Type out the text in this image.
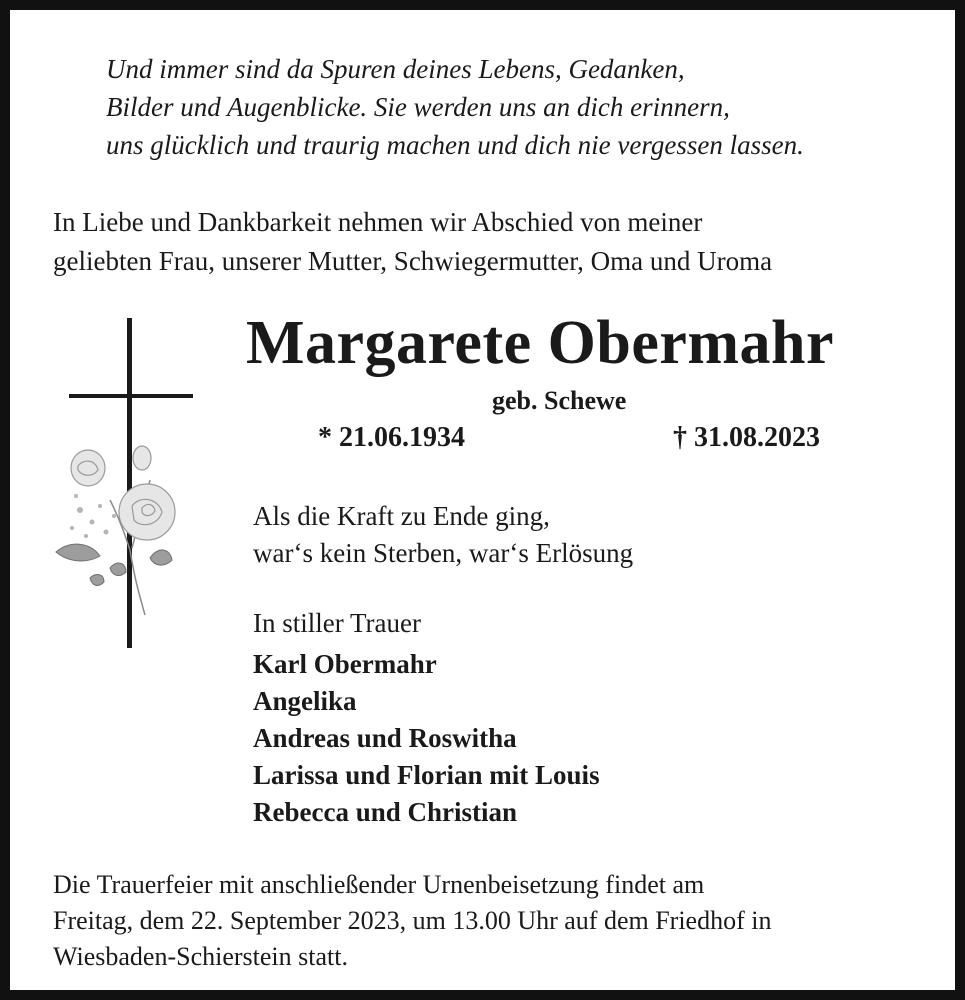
Und immer sind da Spuren deines Lebens, Gedanken,
Bilder und Augenblicke. Sie werden uns an dich erinnern,
uns glücklich und traurig machen und dich nie vergessen lassen.
In Liebe und Dankbarkeit nehmen wir Abschied von meiner
geliebten Frau, unserer Mutter, Schwiegermutter, Oma und Uroma
Margarete Obermahr
geb. Schewe
* 21.06.1934	† 31.08.2023
Als die Kraft zu Ende ging,
war‘s kein Sterben, war‘s Erlösung
In stiller Trauer
Karl Obermahr
Angelika
Andreas und Roswitha
Larissa und Florian mit Louis
Rebecca und Christian
Die Trauerfeier mit anschließender Urnenbeisetzung findet am
Freitag, dem 22. September 2023, um 13.00 Uhr auf dem Friedhof in
Wiesbaden-Schierstein statt.
